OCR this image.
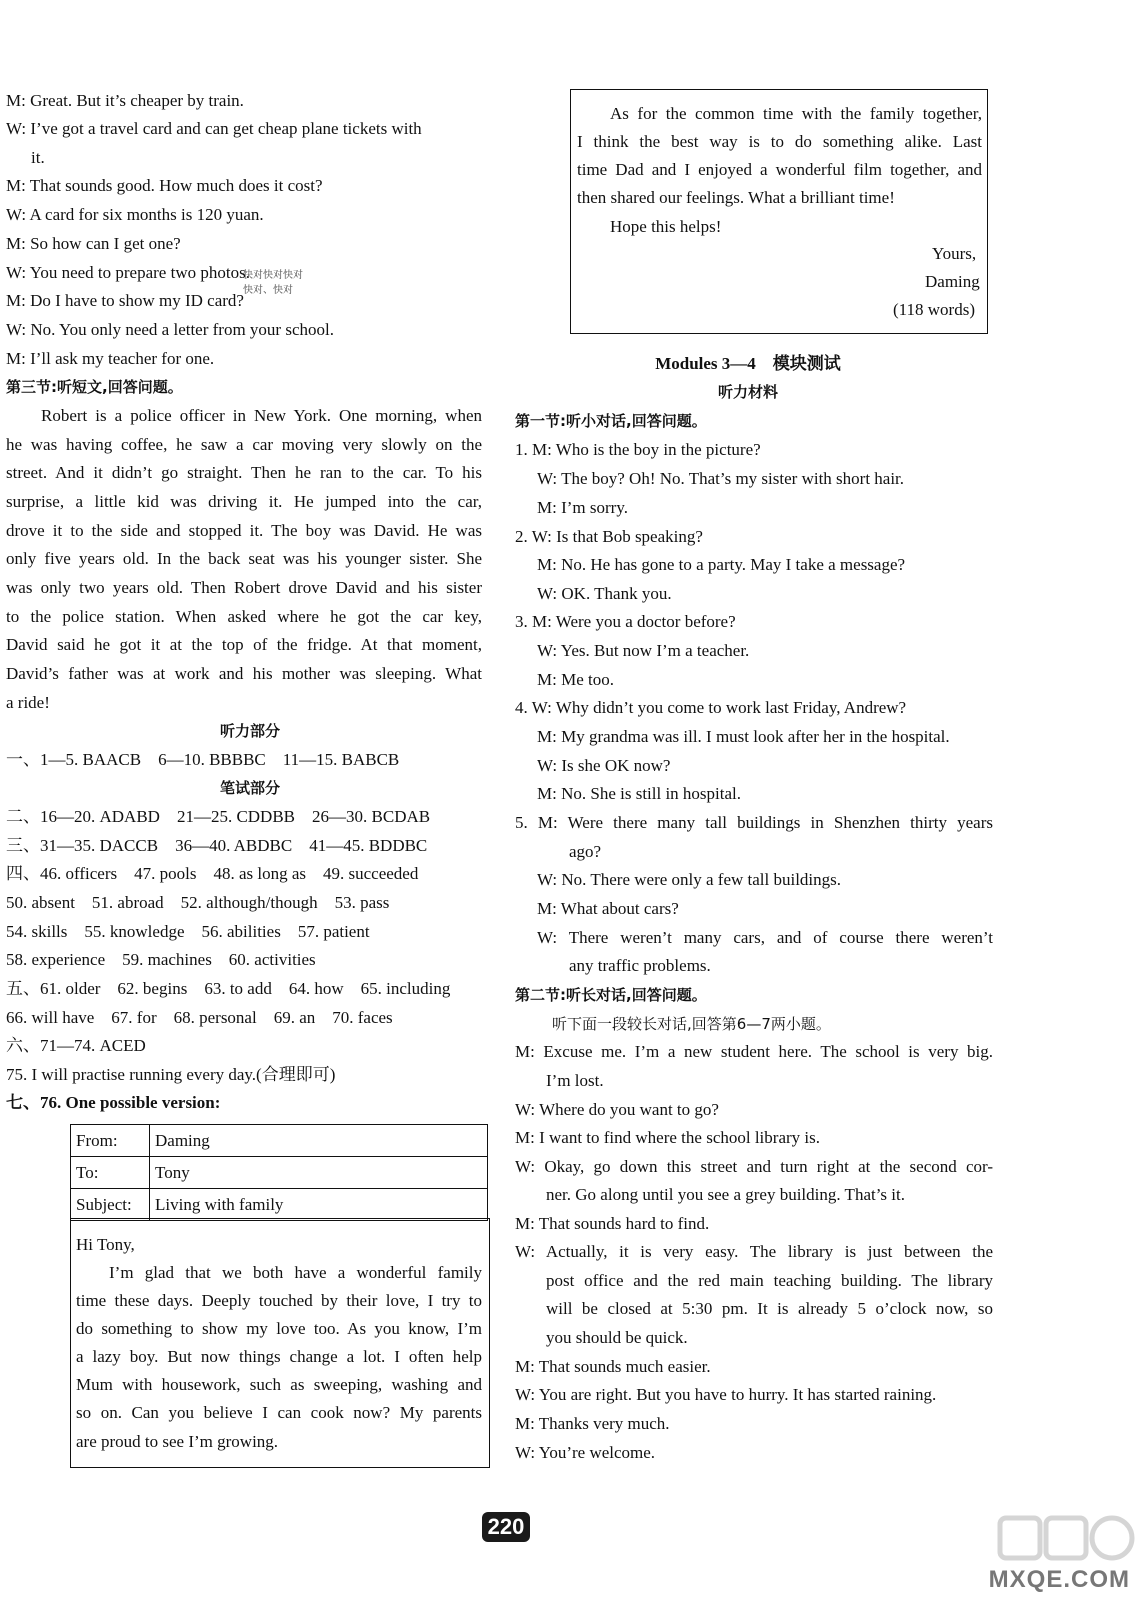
M: Great. But it’s cheaper by train.
W: I’ve got a travel card and can get cheap plane tickets with
it.
M: That sounds good. How much does it cost?
W: A card for six months is 120 yuan.
M: So how can I get one?
W: You need to prepare two photos.
M: Do I have to show my ID card?
W: No. You only need a letter from your school.
M: I’ll ask my teacher for one.
第三节:听短文,回答问题。
Robert is a police officer in New York. One morning, when
he was having coffee, he saw a car moving very slowly on the
street. And it didn’t go straight. Then he ran to the car. To his
surprise, a little kid was driving it. He jumped into the car,
drove it to the side and stopped it. The boy was David. He was
only five years old. In the back seat was his younger sister. She
was only two years old. Then Robert drove David and his sister
to the police station. When asked where he got the car key,
David said he got it at the top of the fridge. At that moment,
David’s father was at work and his mother was sleeping. What
a ride!
听力部分
一、1—5. BAACB 6—10. BBBBC 11—15. BABCB
笔试部分
二、16—20. ADABD 21—25. CDDBB 26—30. BCDAB
三、31—35. DACCB 36—40. ABDBC 41—45. BDDBC
四、46. officers 47. pools 48. as long as 49. succeeded
50. absent 51. abroad 52. although/though 53. pass
54. skills 55. knowledge 56. abilities 57. patient
58. experience 59. machines 60. activities
五、61. older 62. begins 63. to add 64. how 65. including
66. will have 67. for 68. personal 69. an 70. faces
六、71—74. ACED
75. I will practise running every day.(合理即可)
七、76. One possible version:
Hi Tony,
I’m glad that we both have a wonderful family
time these days. Deeply touched by their love, I try to
do something to show my love too. As you know, I’m
a lazy boy. But now things change a lot. I often help
Mum with housework, such as sweeping, washing and
so on. Can you believe I can cook now? My parents
are proud to see I’m growing.
快对快对快对
快对、快对
From:	Daming
To:	Tony
Subject:	Living with family
As for the common time with the family together,
I think the best way is to do something alike. Last
time Dad and I enjoyed a wonderful film together, and
then shared our feelings. What a brilliant time!
Hope this helps!
Yours,
Daming
(118 words)
Modules 3—4　模块测试
听力材料
第一节:听小对话,回答问题。
1. M: Who is the boy in the picture?
W: The boy? Oh! No. That’s my sister with short hair.
M: I’m sorry.
2. W: Is that Bob speaking?
M: No. He has gone to a party. May I take a message?
W: OK. Thank you.
3. M: Were you a doctor before?
W: Yes. But now I’m a teacher.
M: Me too.
4. W: Why didn’t you come to work last Friday, Andrew?
M: My grandma was ill. I must look after her in the hospital.
W: Is she OK now?
M: No. She is still in hospital.
5. M: Were there many tall buildings in Shenzhen thirty years
ago?
W: No. There were only a few tall buildings.
M: What about cars?
W: There weren’t many cars, and of course there weren’t
any traffic problems.
第二节:听长对话,回答问题。
听下面一段较长对话,回答第6—7两小题。
M: Excuse me. I’m a new student here. The school is very big.
I’m lost.
W: Where do you want to go?
M: I want to find where the school library is.
W: Okay, go down this street and turn right at the second cor-
ner. Go along until you see a grey building. That’s it.
M: That sounds hard to find.
W: Actually, it is very easy. The library is just between the
post office and the red main teaching building. The library
will be closed at 5:30 pm. It is already 5 o’clock now, so
you should be quick.
M: That sounds much easier.
W: You are right. But you have to hurry. It has started raining.
M: Thanks very much.
W: You’re welcome.
220
MXQE.COM
